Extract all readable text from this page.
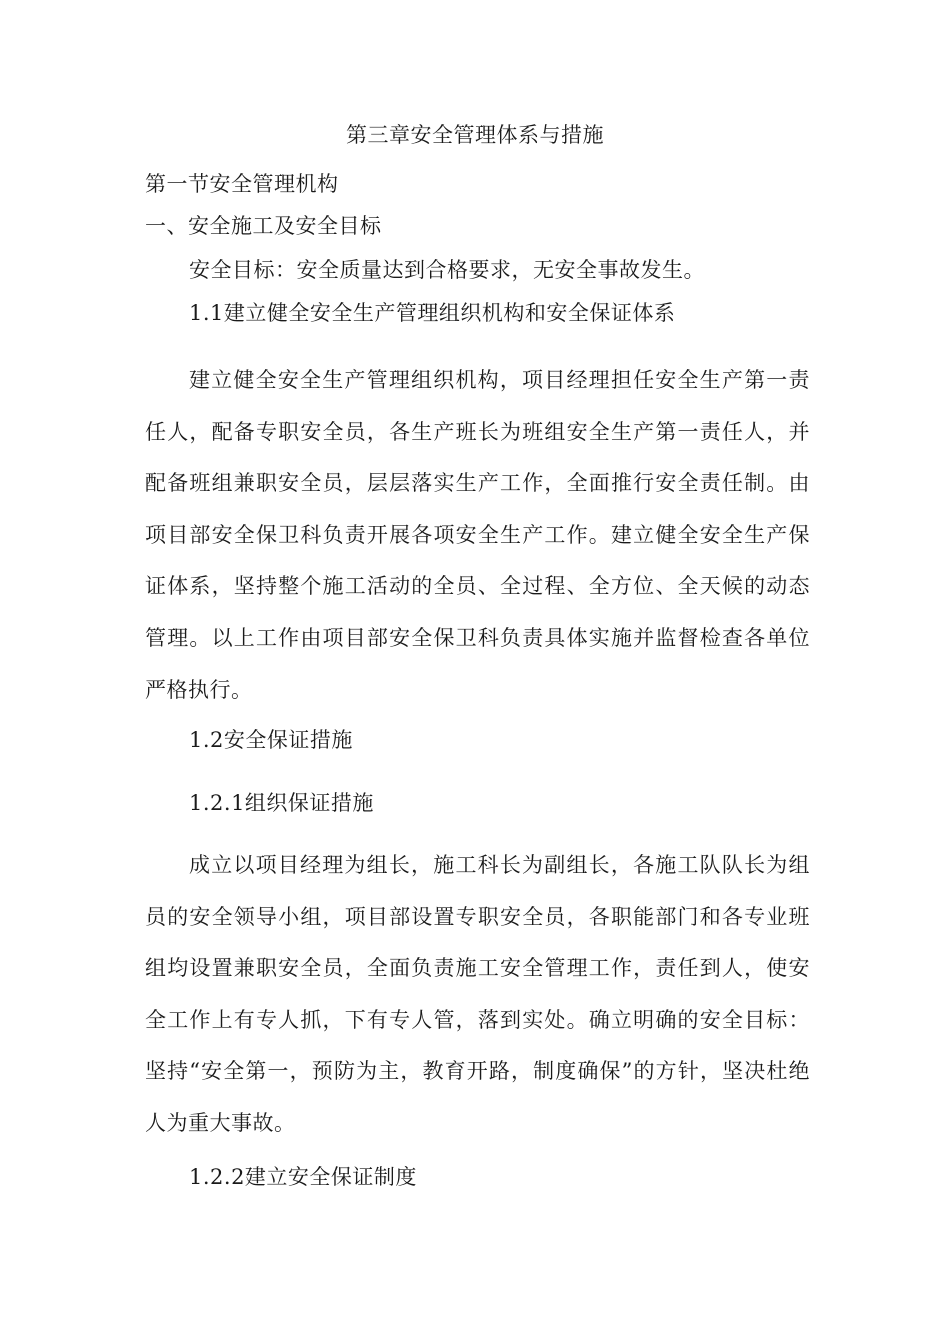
第三章安全管理体系与措施
第一节安全管理机构
一、安全施工及安全目标
安全目标：安全质量达到合格要求，无安全事故发生。
1.1建立健全安全生产管理组织机构和安全保证体系
建立健全安全生产管理组织机构，项目经理担任安全生产第一责任人，配备专职安全员，各生产班长为班组安全生产第一责任人，并配备班组兼职安全员，层层落实生产工作，全面推行安全责任制。由项目部安全保卫科负责开展各项安全生产工作。建立健全安全生产保证体系，坚持整个施工活动的全员、全过程、全方位、全天候的动态管理。以上工作由项目部安全保卫科负责具体实施并监督检查各单位严格执行。
1.2安全保证措施
1.2.1组织保证措施
成立以项目经理为组长，施工科长为副组长，各施工队队长为组员的安全领导小组，项目部设置专职安全员，各职能部门和各专业班组均设置兼职安全员，全面负责施工安全管理工作，责任到人，使安全工作上有专人抓，下有专人管，落到实处。确立明确的安全目标：坚持“安全第一，预防为主，教育开路，制度确保”的方针，坚决杜绝人为重大事故。
1.2.2建立安全保证制度
